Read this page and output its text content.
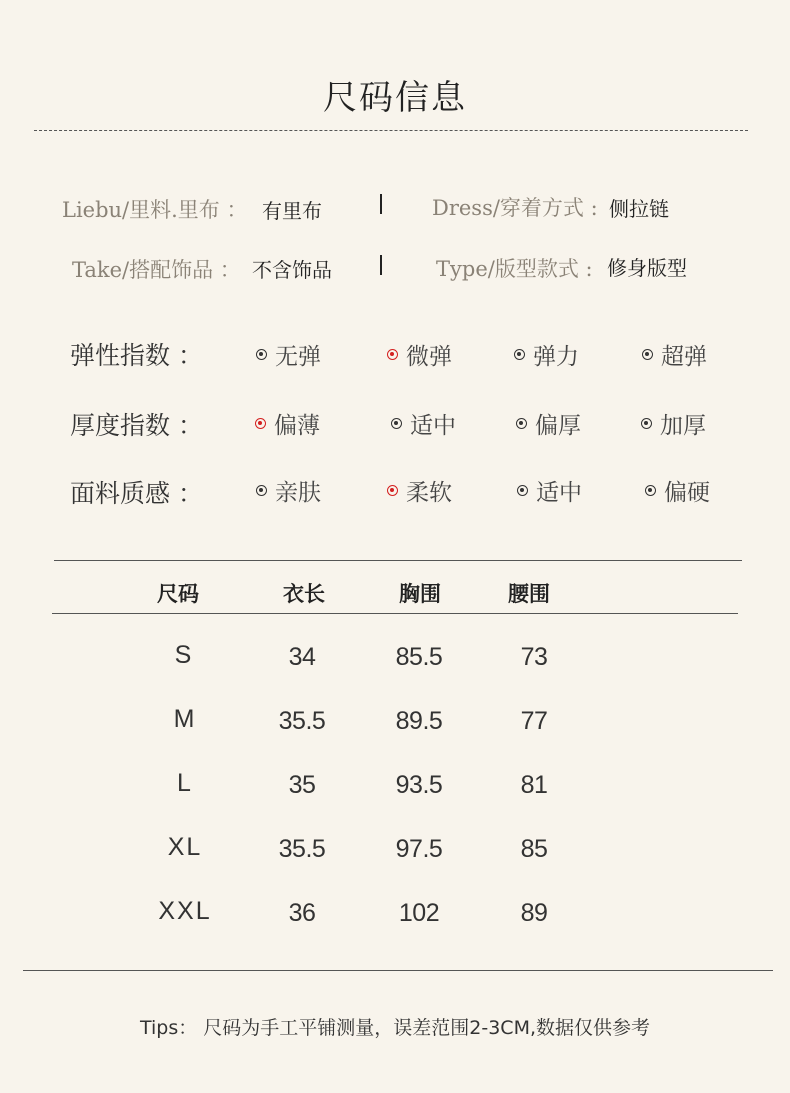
尺码信息
Liebu/里料.里布 ： 有里布	Dress/穿着方式 : 侧拉链
Take/搭配饰品 ： 不含饰品	Type/版型款式 : 修身版型
弹性指数 ：	无弹	微弹	弹力	超弹
厚度指数 ：	偏薄	适中	偏厚	加厚
面料质感 ：	亲肤	柔软	适中	偏硬
尺码	衣长	胸围	腰围
S	34	85.5	73
M	35.5	89.5	77
L	35	93.5	81
XL	35.5	97.5	85
XXL	36	102	89
Tips： 尺码为手工平铺测量，误差范围2-3CM,数据仅供参考
